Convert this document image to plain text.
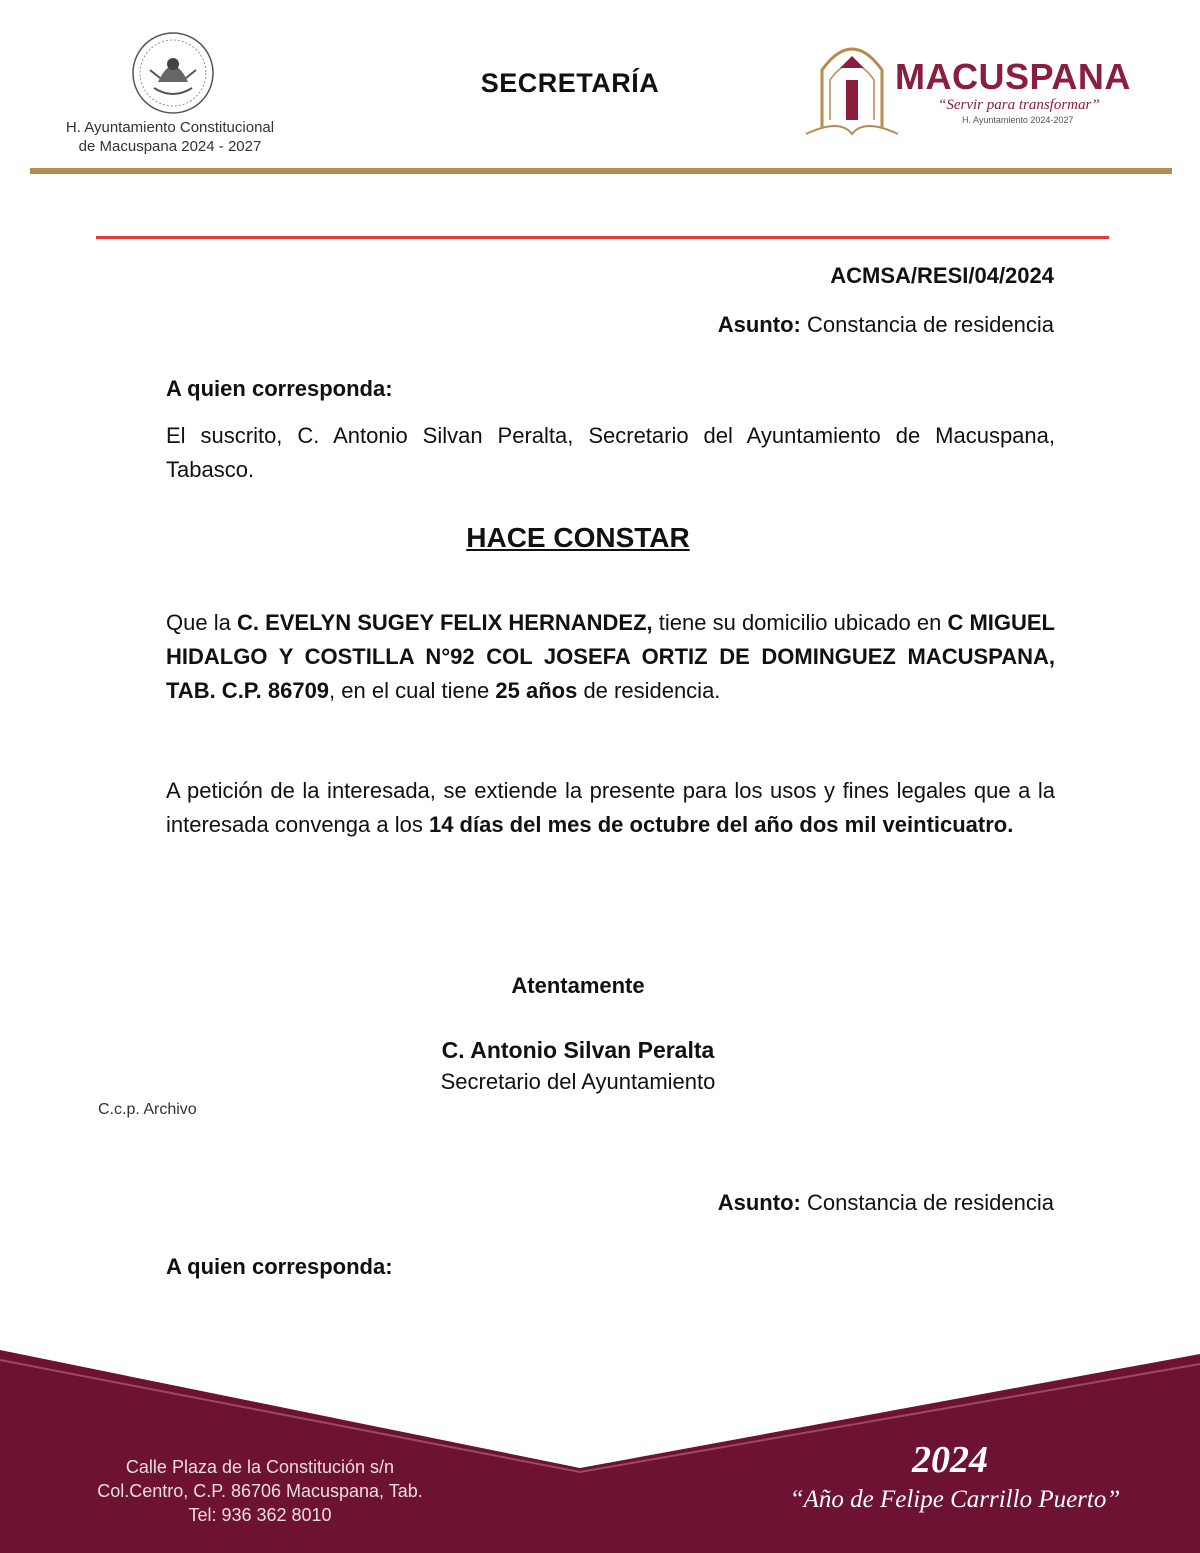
H. Ayuntamiento Constitucional
de Macuspana 2024 - 2027
SECRETARÍA	MACUSPANA
“Servir para transformar”
H. Ayuntamiento 2024-2027
ACMSA/RESI/04/2024
Asunto: Constancia de residencia
A quien corresponda:
El suscrito, C. Antonio Silvan Peralta, Secretario del Ayuntamiento de Macuspana, Tabasco.
HACE CONSTAR
Que la C. EVELYN SUGEY FELIX HERNANDEZ, tiene su domicilio ubicado en C MIGUEL HIDALGO Y COSTILLA N°92 COL JOSEFA ORTIZ DE DOMINGUEZ MACUSPANA, TAB. C.P. 86709, en el cual tiene 25 años de residencia.
A petición de la interesada, se extiende la presente para los usos y fines legales que a la interesada convenga a los 14 días del mes de octubre del año dos mil veinticuatro.
Atentamente
C. Antonio Silvan Peralta
Secretario del Ayuntamiento
C.c.p. Archivo
Asunto: Constancia de residencia
A quien corresponda:
Calle Plaza de la Constitución s/n
Col.Centro, C.P. 86706 Macuspana, Tab.
Tel: 936 362 8010
2024
“Año de Felipe Carrillo Puerto”
